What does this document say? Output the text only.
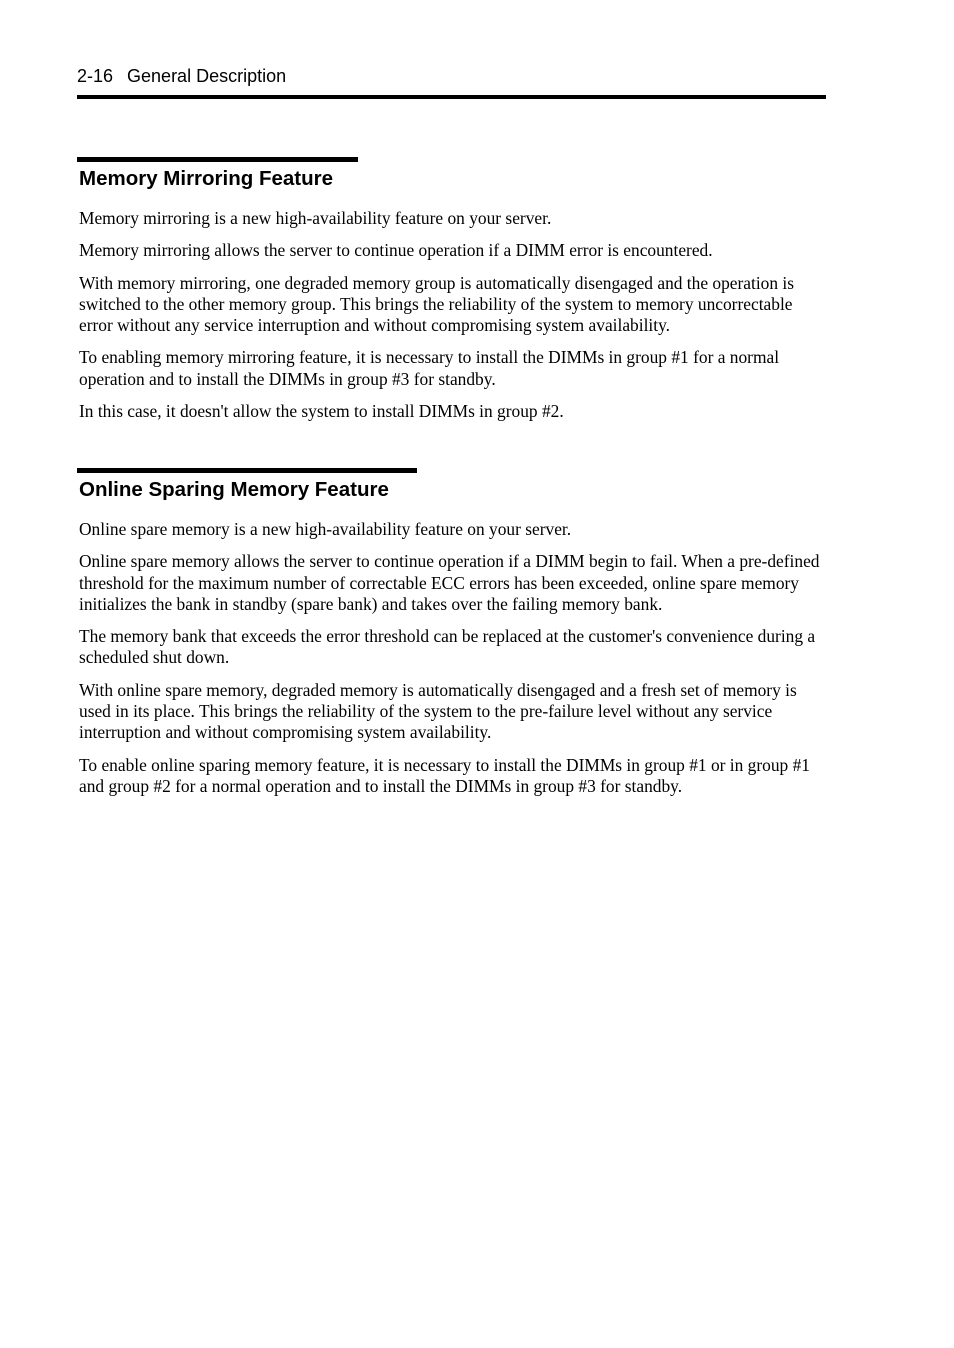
2-16 General Description
Memory Mirroring Feature

Memory mirroring is a new high-availability feature on your server.

Memory mirroring allows the server to continue operation if a DIMM error is encountered.

With memory mirroring, one degraded memory group is automatically disengaged and the operation is switched to the other memory group. This brings the reliability of the system to memory uncorrectable error without any service interruption and without compromising system availability.

To enabling memory mirroring feature, it is necessary to install the DIMMs in group #1 for a normal operation and to install the DIMMs in group #3 for standby.

In this case, it doesn't allow the system to install DIMMs in group #2.

Online Sparing Memory Feature

Online spare memory is a new high-availability feature on your server.

Online spare memory allows the server to continue operation if a DIMM begin to fail. When a pre-defined threshold for the maximum number of correctable ECC errors has been exceeded, online spare memory initializes the bank in standby (spare bank) and takes over the failing memory bank.

The memory bank that exceeds the error threshold can be replaced at the customer's convenience during a scheduled shut down.

With online spare memory, degraded memory is automatically disengaged and a fresh set of memory is used in its place. This brings the reliability of the system to the pre-failure level without any service interruption and without compromising system availability.

To enable online sparing memory feature, it is necessary to install the DIMMs in group #1 or in group #1 and group #2 for a normal operation and to install the DIMMs in group #3 for standby.
